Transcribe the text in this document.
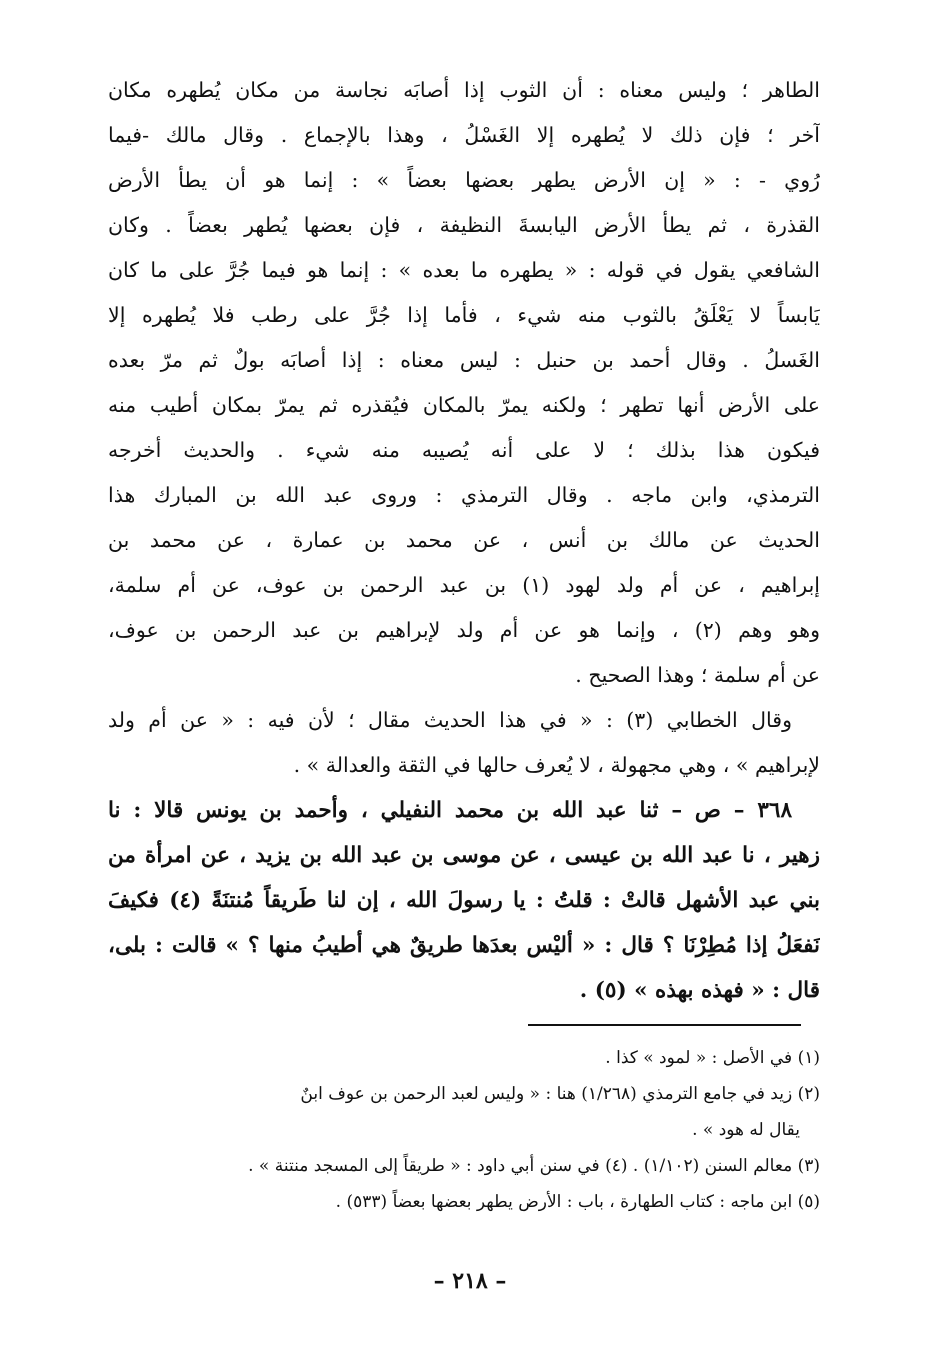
الطاهر ؛ وليس معناه : أن الثوب إذا أصابَه نجاسة من مكان يُطهره مكان
آخر ؛ فإن ذلك لا يُطهره إلا الغَسْلُ ، وهذا بالإجماع . وقال مالك -فيما
رُوي - : « إن الأرض يطهر بعضها بعضاً » : إنما هو أن يطأ الأرض
القذرة ، ثم يطأ الأرض اليابسةَ النظيفة ، فإن بعضها يُطهر بعضاً . وكان
الشافعي يقول في قوله : « يطهره ما بعده » : إنما هو فيما جُرَّ على ما كان
يَابساً لا يَعْلَقُ بالثوب منه شيء ، فأما إذا جُرَّ على رطب فلا يُطهره إلا
الغَسلُ . وقال أحمد بن حنبل : ليس معناه : إذا أصابَه بولٌ ثم مرّ بعده
على الأرض أنها تطهر ؛ ولكنه يمرّ بالمكان فيُقذره ثم يمرّ بمكان أطيب منه
فيكون هذا بذلك ؛ لا على أنه يُصيبه منه شيء . والحديث أخرجه
الترمذي، وابن ماجه . وقال الترمذي : وروى عبد الله بن المبارك هذا
الحديث عن مالك بن أنس ، عن محمد بن عمارة ، عن محمد بن
إبراهيم ، عن أم ولد لهود (١) بن عبد الرحمن بن عوف، عن أم سلمة،
وهو وهم (٢) ، وإنما هو عن أم ولد لإبراهيم بن عبد الرحمن بن عوف،
عن أم سلمة ؛ وهذا الصحيح .
وقال الخطابي (٣) : « في هذا الحديث مقال ؛ لأن فيه : « عن أم ولد
لإبراهيم » ، وهي مجهولة ، لا يُعرف حالها في الثقة والعدالة » .
٣٦٨ – ص – ثنا عبد الله بن محمد النفيلي ، وأحمد بن يونس قالا : نا
زهير ، نا عبد الله بن عيسى ، عن موسى بن عبد الله بن يزيد ، عن امرأة من
بني عبد الأشهل قالتْ : قلتُ : يا رسولَ الله ، إن لنا طَريقاً مُنتنَةً (٤) فكيفَ
نَفعَلُ إذا مُطِرْنَا ؟ قال : « أليْس بعدَها طريقٌ هي أطيبُ منها ؟ » قالت : بلى،
قال : « فهذه بهذه » (٥) .
(١) في الأصل : « لمود » كذا .
(٢) زيد في جامع الترمذي (١/٢٦٨) هنا : « وليس لعبد الرحمن بن عوف ابنٌ
يقال له هود » .
(٣) معالم السنن (١/١٠٢) . (٤) في سنن أبي داود : « طريقاً إلى المسجد منتنة » .
(٥) ابن ماجه : كتاب الطهارة ، باب : الأرض يطهر بعضها بعضاً (٥٣٣) .
– ٢١٨ –
